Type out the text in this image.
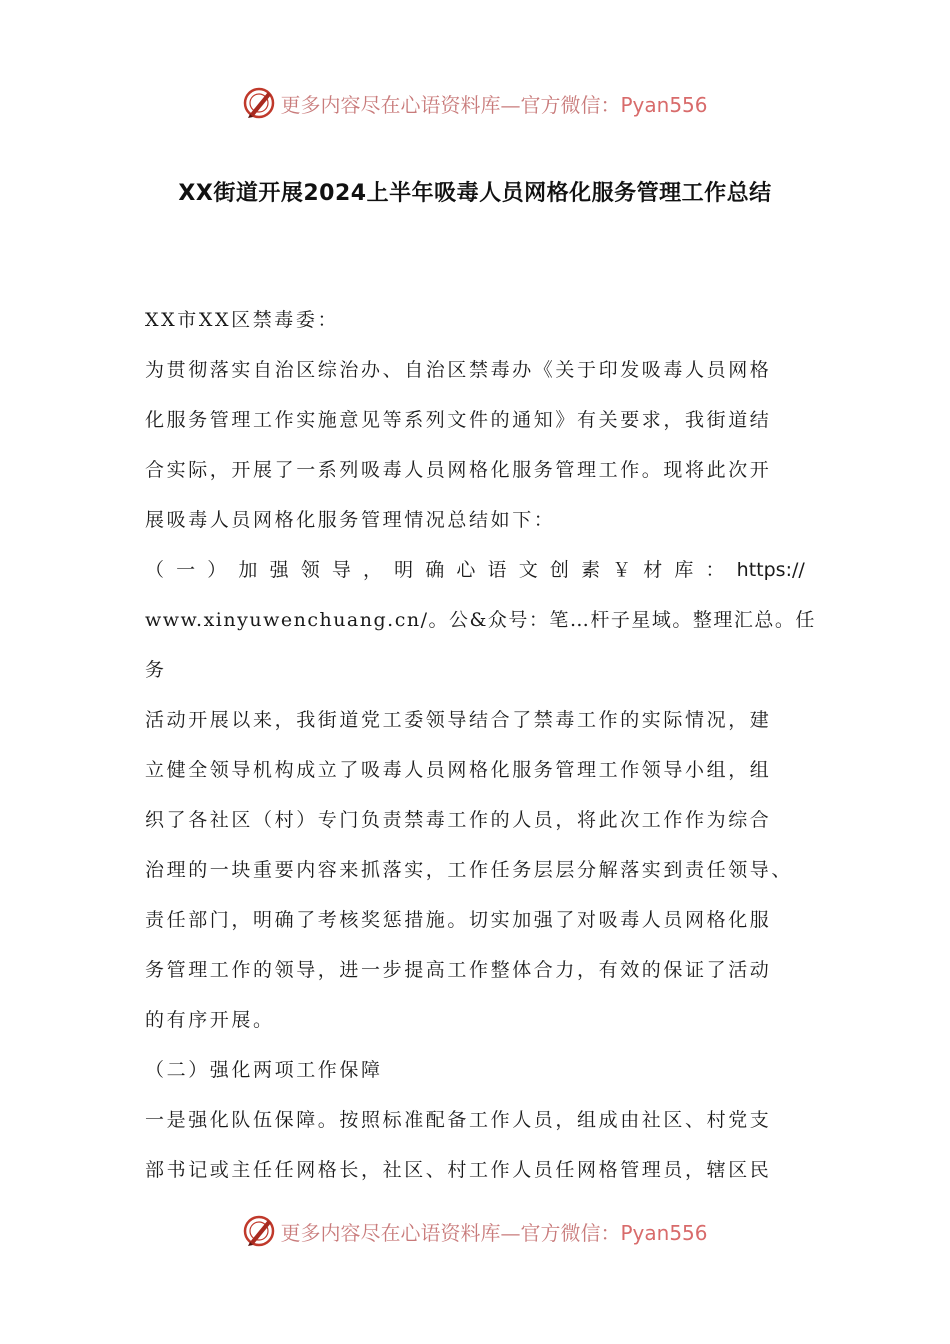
更多内容尽在心语资料库—官方微信：Pyan556
XX街道开展2024上半年吸毒人员网格化服务管理工作总结
XX市XX区禁毒委：
为贯彻落实自治区综治办、自治区禁毒办《关于印发吸毒人员网格
化服务管理工作实施意见等系列文件的通知》有关要求，我街道结
合实际，开展了一系列吸毒人员网格化服务管理工作。现将此次开
展吸毒人员网格化服务管理情况总结如下：
（ 一 ） 加 强 领 导 ， 明 确 心 语 文 创 素 ￥ 材 库 ： https://
www.xinyuwenchuang.cn/。公&众号：笔…杆子星域。整理汇总。任
务
活动开展以来，我街道党工委领导结合了禁毒工作的实际情况，建
立健全领导机构成立了吸毒人员网格化服务管理工作领导小组，组
织了各社区（村）专门负责禁毒工作的人员，将此次工作作为综合
治理的一块重要内容来抓落实，工作任务层层分解落实到责任领导、
责任部门，明确了考核奖惩措施。切实加强了对吸毒人员网格化服
务管理工作的领导，进一步提高工作整体合力，有效的保证了活动
的有序开展。
（二）强化两项工作保障
一是强化队伍保障。按照标准配备工作人员，组成由社区、村党支
部书记或主任任网格长，社区、村工作人员任网格管理员，辖区民
更多内容尽在心语资料库—官方微信：Pyan556
